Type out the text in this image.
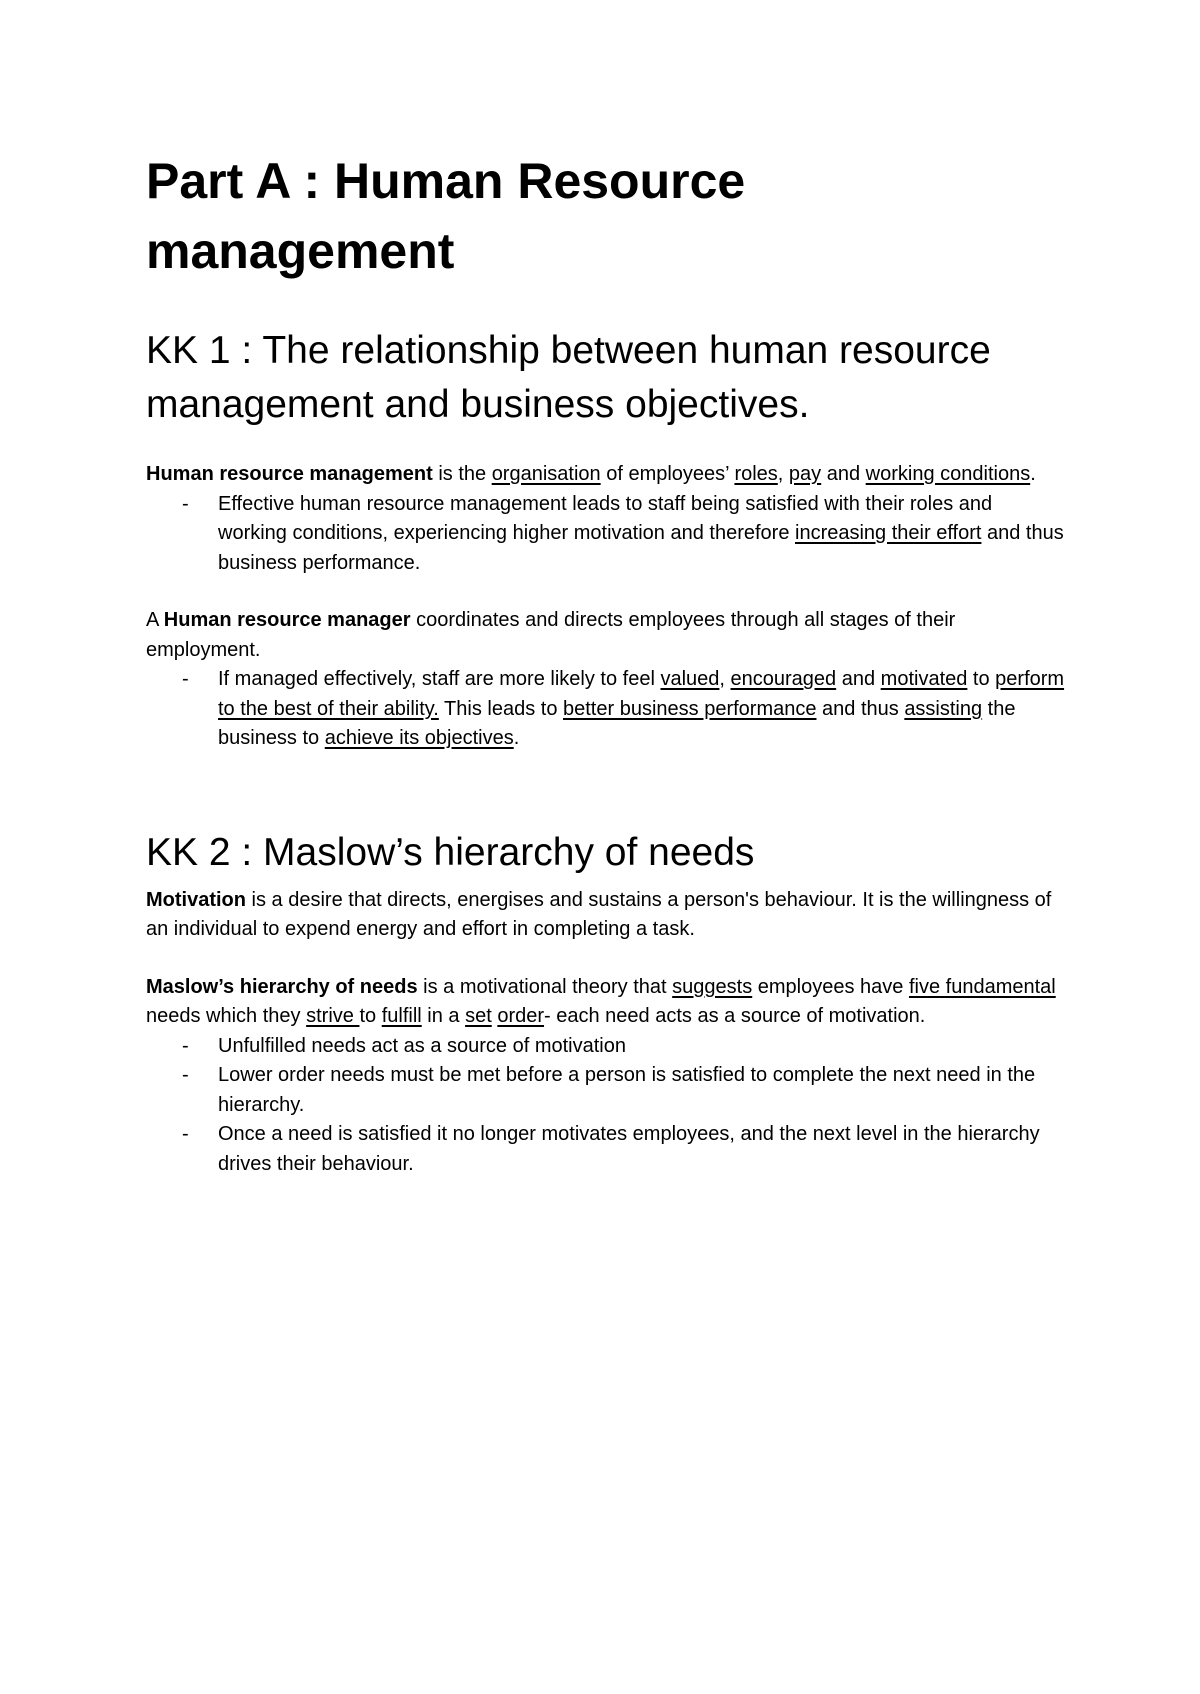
Part A : Human Resource management
KK 1 : The relationship between human resource management and business objectives.

Human resource management is the organisation of employees’ roles, pay and working conditions.

- Effective human resource management leads to staff being satisfied with their roles and working conditions, experiencing higher motivation and therefore increasing their effort and thus business performance.

A Human resource manager coordinates and directs employees through all stages of their employment.

- If managed effectively, staff are more likely to feel valued, encouraged and motivated to perform to the best of their ability. This leads to better business performance and thus assisting the business to achieve its objectives.
KK 2 : Maslow’s hierarchy of needs

Motivation is a desire that directs, energises and sustains a person's behaviour. It is the willingness of an individual to expend energy and effort in completing a task.

Maslow’s hierarchy of needs is a motivational theory that suggests employees have five fundamental needs which they strive to fulfill in a set order- each need acts as a source of motivation.

- Unfulfilled needs act as a source of motivation
- Lower order needs must be met before a person is satisfied to complete the next need in the hierarchy.
- Once a need is satisfied it no longer motivates employees, and the next level in the hierarchy drives their behaviour.
